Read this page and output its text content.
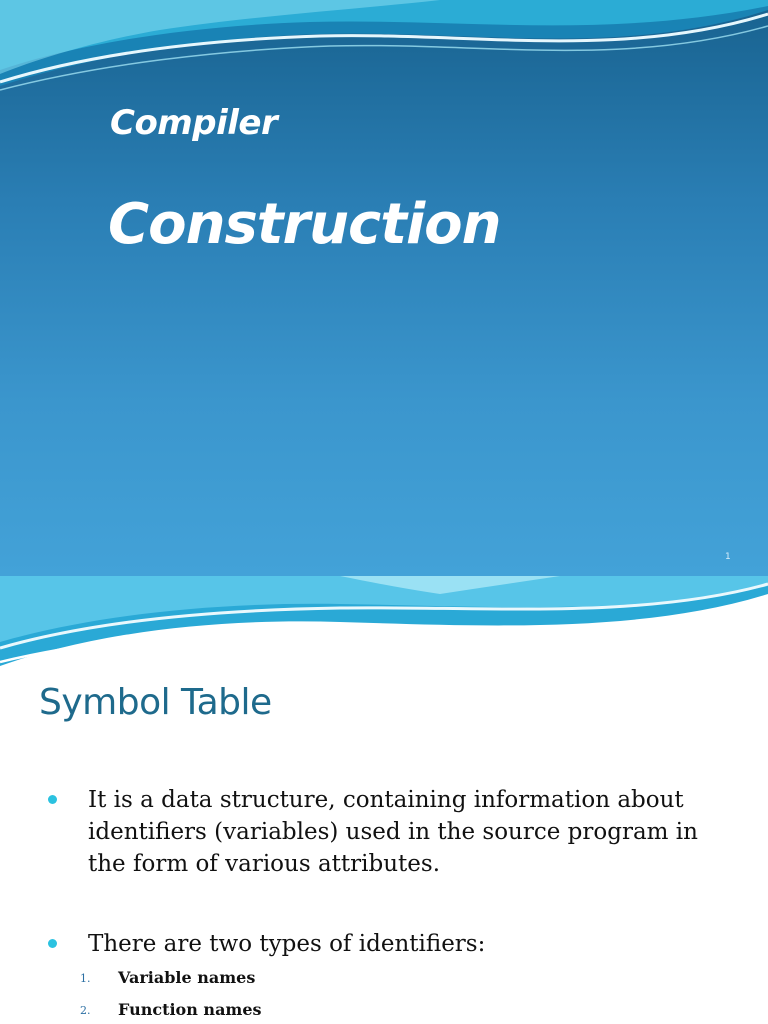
Compiler
Construction
1
Symbol Table
It is a data structure, containing information about identifiers (variables) used in the source program in the form of various attributes.
There are two types of identifiers:
1. Variable names
2. Function names
